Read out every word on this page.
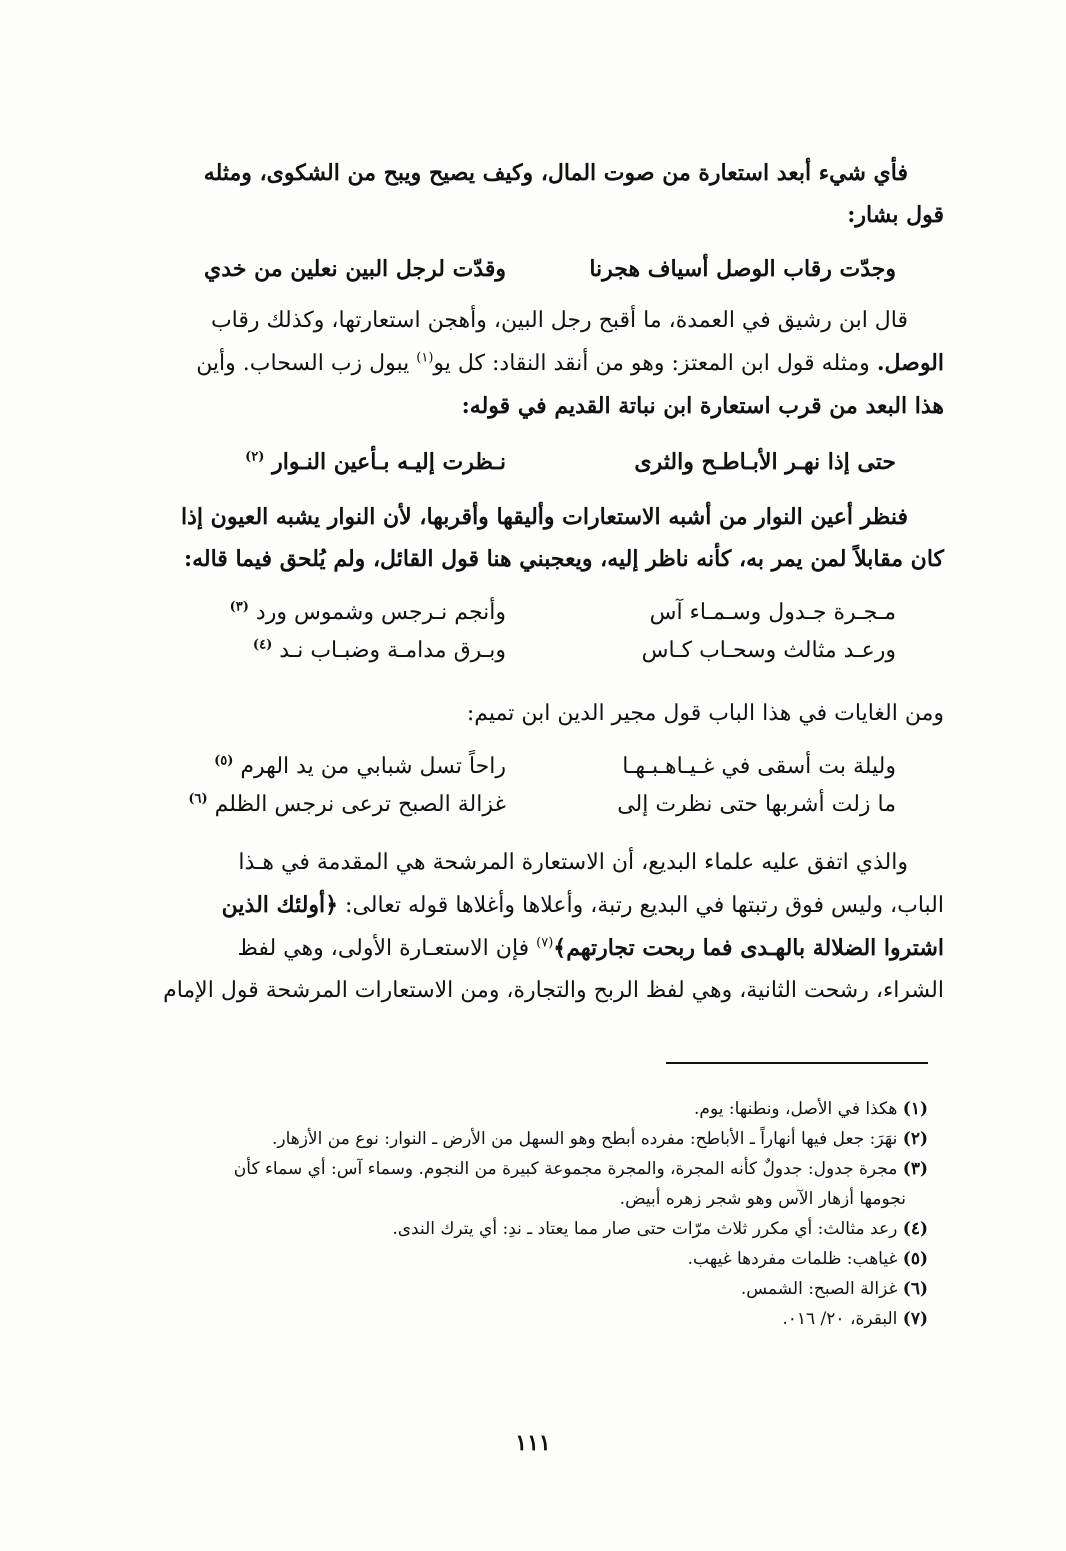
فأي شيء أبعد استعارة من صوت المال، وكيف يصيح ويبح من الشكوى، ومثله
قول بشار:
وجدّت رقاب الوصل أسياف هجرنا
وقدّت لرجل البين نعلين من خدي
قال ابن رشيق في العمدة، ما أقبح رجل البين، وأهجن استعارتها، وكذلك رقاب
الوصل. ومثله قول ابن المعتز: وهو من أنقد النقاد: كل يو$^{(١)}$ يبول زب السحاب. وأين
هذا البعد من قرب استعارة ابن نباتة القديم في قوله:
حتى إذا نهـر الأبـاطـح والثرى
نـظرت إليـه بـأعين النـوار $^{(٢)}$
فنظر أعين النوار من أشبه الاستعارات وأليقها وأقربها، لأن النوار يشبه العيون إذا
كان مقابلاً لمن يمر به، كأنه ناظر إليه، ويعجبني هنا قول القائل، ولم يُلحق فيما قاله:
مـجـرة جـدول وسـمـاء آس
وأنجم نـرجس وشموس ورد $^{(٣)}$
ورعـد مثالث وسحـاب كـاس
وبـرق مدامـة وضبـاب نـد $^{(٤)}$
ومن الغايات في هذا الباب قول مجير الدين ابن تميم:
وليلة بت أسقى في غـيـاهـبـهـا
راحاً تسل شبابي من يد الهرم $^{(٥)}$
ما زلت أشربها حتى نظرت إلى
غزالة الصبح ترعى نرجس الظلم $^{(٦)}$
والذي اتفق عليه علماء البديع، أن الاستعارة المرشحة هي المقدمة في هـذا
الباب، وليس فوق رتبتها في البديع رتبة، وأعلاها وأغلاها قوله تعالى: ﴿أولئك الذين
اشتروا الضلالة بالهـدى فما ربحت تجارتهم﴾$^{(٧)}$ فإن الاستعـارة الأولى، وهي لفظ
الشراء، رشحت الثانية، وهي لفظ الربح والتجارة، ومن الاستعارات المرشحة قول الإمام

(١) هكذا في الأصل، ونطنها: يوم.

(٢) نهَرَ: جعل فيها أنهاراً ـ الأباطح: مفرده أبطح وهو السهل من الأرض ـ النوار: نوع من الأزهار.

(٣) مجرة جدول: جدولٌ كأنه المجرة، والمجرة مجموعة كبيرة من النجوم. وسماء آس: أي سماء كأن

نجومها أزهار الآس وهو شجر زهره أبيض.

(٤) رعد مثالث: أي مكرر ثلاث مرّات حتى صار مما يعتاد ـ ندِ: أي يترك الندى.

(٥) غياهب: ظلمات مفردها غيهب.

(٦) غزالة الصبح: الشمس.

(٧) البقرة، ٢٠/ ٠١٦.

١١١
